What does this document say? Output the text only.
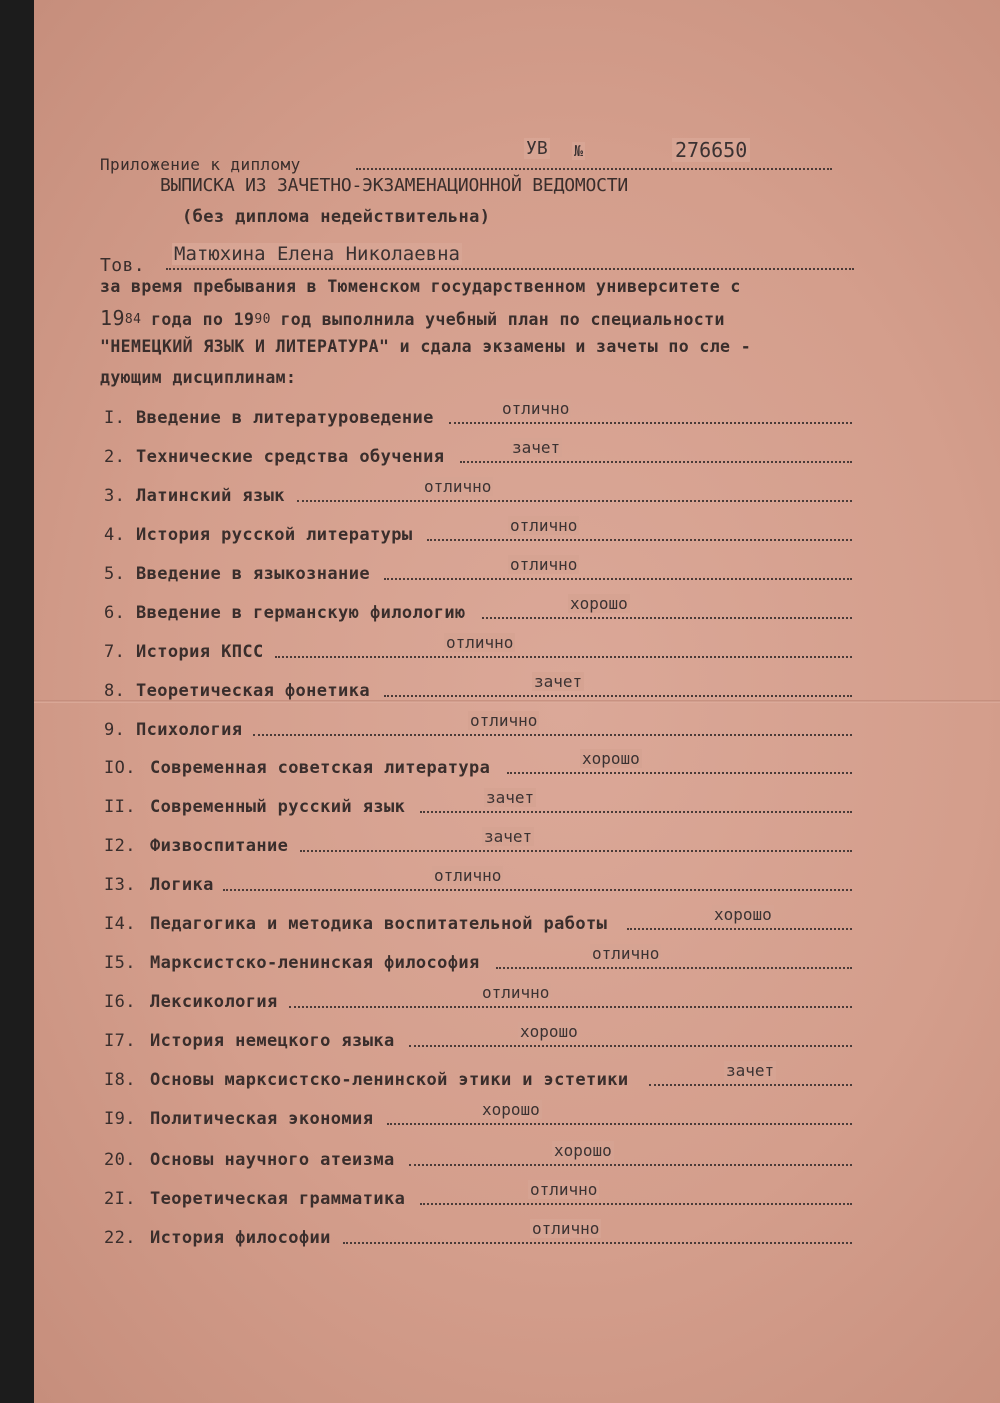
Приложение к диплому
УВ №	276650
ВЫПИСКА ИЗ ЗАЧЕТНО-ЭКЗАМЕНАЦИОННОЙ ВЕДОМОСТИ
(без диплома недействительна)
Тов.
Матюхина Елена Николаевна
за время пребывания в Тюменском государственном университете с
1984 года по 1990 год выполнила учебный план по специальности
"НЕМЕЦКИЙ ЯЗЫК И ЛИТЕРАТУРА" и сдала экзамены и зачеты по сле -
дующим дисциплинам:
I. Введение в литературоведение	отлично
2. Технические средства обучения	зачет
3. Латинский язык	отлично
4. История русской литературы	отлично
5. Введение в языкознание	отлично
6. Введение в германскую филологию	хорошо
7. История КПСС	отлично
8. Теоретическая фонетика	зачет
9. Психология	отлично
IO. Современная советская литература	хорошо
II. Современный русский язык	зачет
I2. Физвоспитание	зачет
I3. Логика	отлично
I4. Педагогика и методика воспитательной работы	хорошо
I5. Марксистско-ленинская философия	отлично
I6. Лексикология	отлично
I7. История немецкого языка	хорошо
I8. Основы марксистско-ленинской этики и эстетики	зачет
I9. Политическая экономия	хорошо
20. Основы научного атеизма	хорошо
2I. Теоретическая грамматика	отлично
22. История философии	отлично
